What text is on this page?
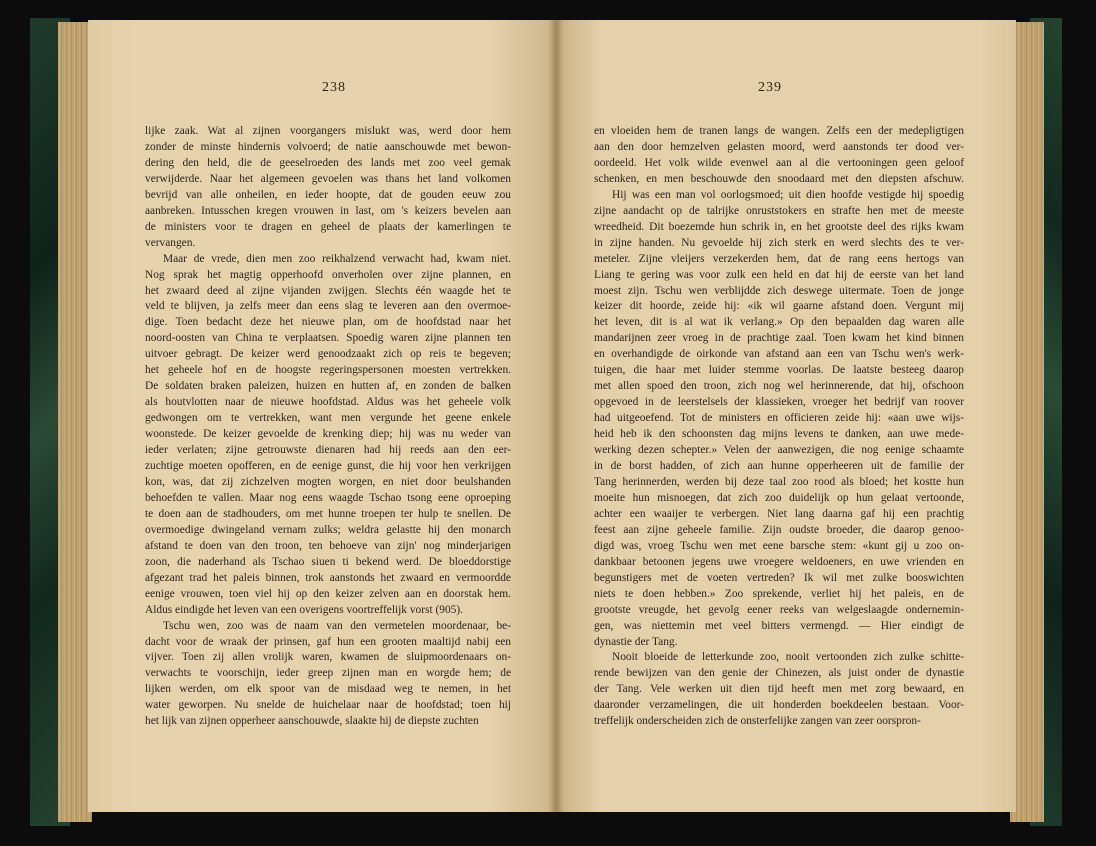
238	239
lijke zaak. Wat al zijnen voorgangers mislukt was, werd door hem
zonder de minste hindernis volvoerd; de natie aanschouwde met bewon-
dering den held, die de geeselroeden des lands met zoo veel gemak
verwijderde. Naar het algemeen gevoelen was thans het land volkomen
bevrijd van alle onheilen, en ieder hoopte, dat de gouden eeuw zou
aanbreken. Intusschen kregen vrouwen in last, om 's keizers bevelen aan
de ministers voor te dragen en geheel de plaats der kamerlingen te
vervangen.
Maar de vrede, dien men zoo reikhalzend verwacht had, kwam niet.
Nog sprak het magtig opperhoofd onverholen over zijne plannen, en
het zwaard deed al zijne vijanden zwijgen. Slechts één waagde het te
veld te blijven, ja zelfs meer dan eens slag te leveren aan den overmoe-
dige. Toen bedacht deze het nieuwe plan, om de hoofdstad naar het
noord-oosten van China te verplaatsen. Spoedig waren zijne plannen ten
uitvoer gebragt. De keizer werd genoodzaakt zich op reis te begeven;
het geheele hof en de hoogste regeringspersonen moesten vertrekken.
De soldaten braken paleizen, huizen en hutten af, en zonden de balken
als houtvlotten naar de nieuwe hoofdstad. Aldus was het geheele volk
gedwongen om te vertrekken, want men vergunde het geene enkele
woonstede. De keizer gevoelde de krenking diep; hij was nu weder van
ieder verlaten; zijne getrouwste dienaren had hij reeds aan den eer-
zuchtige moeten opofferen, en de eenige gunst, die hij voor hen verkrijgen
kon, was, dat zij zichzelven mogten worgen, en niet door beulshanden
behoefden te vallen. Maar nog eens waagde Tschao tsong eene oproeping
te doen aan de stadhouders, om met hunne troepen ter hulp te snellen. De
overmoedige dwingeland vernam zulks; weldra gelastte hij den monarch
afstand te doen van den troon, ten behoeve van zijn' nog minderjarigen
zoon, die naderhand als Tschao siuen ti bekend werd. De bloeddorstige
afgezant trad het paleis binnen, trok aanstonds het zwaard en vermoordde
eenige vrouwen, toen viel hij op den keizer zelven aan en doorstak hem.
Aldus eindigde het leven van een overigens voortreffelijk vorst (905).
Tschu wen, zoo was de naam van den vermetelen moordenaar, be-
dacht voor de wraak der prinsen, gaf hun een grooten maaltijd nabij een
vijver. Toen zij allen vrolijk waren, kwamen de sluipmoordenaars on-
verwachts te voorschijn, ieder greep zijnen man en worgde hem; de
lijken werden, om elk spoor van de misdaad weg te nemen, in het
water geworpen. Nu snelde de huichelaar naar de hoofdstad; toen hij
het lijk van zijnen opperheer aanschouwde, slaakte hij de diepste zuchten
en vloeiden hem de tranen langs de wangen. Zelfs een der medepligtigen
aan den door hemzelven gelasten moord, werd aanstonds ter dood ver-
oordeeld. Het volk wilde evenwel aan al die vertooningen geen geloof
schenken, en men beschouwde den snoodaard met den diepsten afschuw.
Hij was een man vol oorlogsmoed; uit dien hoofde vestigde hij spoedig
zijne aandacht op de talrijke onruststokers en strafte hen met de meeste
wreedheid. Dit boezemde hun schrik in, en het grootste deel des rijks kwam
in zijne handen. Nu gevoelde hij zich sterk en werd slechts des te ver-
meteler. Zijne vleijers verzekerden hem, dat de rang eens hertogs van
Liang te gering was voor zulk een held en dat hij de eerste van het land
moest zijn. Tschu wen verblijdde zich deswege uitermate. Toen de jonge
keizer dit hoorde, zeide hij: «ik wil gaarne afstand doen. Vergunt mij
het leven, dit is al wat ik verlang.» Op den bepaalden dag waren alle
mandarijnen zeer vroeg in de prachtige zaal. Toen kwam het kind binnen
en overhandigde de oirkonde van afstand aan een van Tschu wen's werk-
tuigen, die haar met luider stemme voorlas. De laatste besteeg daarop
met allen spoed den troon, zich nog wel herinnerende, dat hij, ofschoon
opgevoed in de leerstelsels der klassieken, vroeger het bedrijf van roover
had uitgeoefend. Tot de ministers en officieren zeide hij: «aan uwe wijs-
heid heb ik den schoonsten dag mijns levens te danken, aan uwe mede-
werking dezen schepter.» Velen der aanwezigen, die nog eenige schaamte
in de borst hadden, of zich aan hunne opperheeren uit de familie der
Tang herinnerden, werden bij deze taal zoo rood als bloed; het kostte hun
moeite hun misnoegen, dat zich zoo duidelijk op hun gelaat vertoonde,
achter een waaijer te verbergen. Niet lang daarna gaf hij een prachtig
feest aan zijne geheele familie. Zijn oudste broeder, die daarop genoo-
digd was, vroeg Tschu wen met eene barsche stem: «kunt gij u zoo on-
dankbaar betoonen jegens uwe vroegere weldoeners, en uwe vrienden en
begunstigers met de voeten vertreden? Ik wil met zulke booswichten
niets te doen hebben.» Zoo sprekende, verliet hij het paleis, en de
grootste vreugde, het gevolg eener reeks van welgeslaagde ondernemin-
gen, was niettemin met veel bitters vermengd. — Hier eindigt de
dynastie der Tang.
Nooit bloeide de letterkunde zoo, nooit vertoonden zich zulke schitte-
rende bewijzen van den genie der Chinezen, als juist onder de dynastie
der Tang. Vele werken uit dien tijd heeft men met zorg bewaard, en
daaronder verzamelingen, die uit honderden boekdeelen bestaan. Voor-
treffelijk onderscheiden zich de onsterfelijke zangen van zeer oorspron-
